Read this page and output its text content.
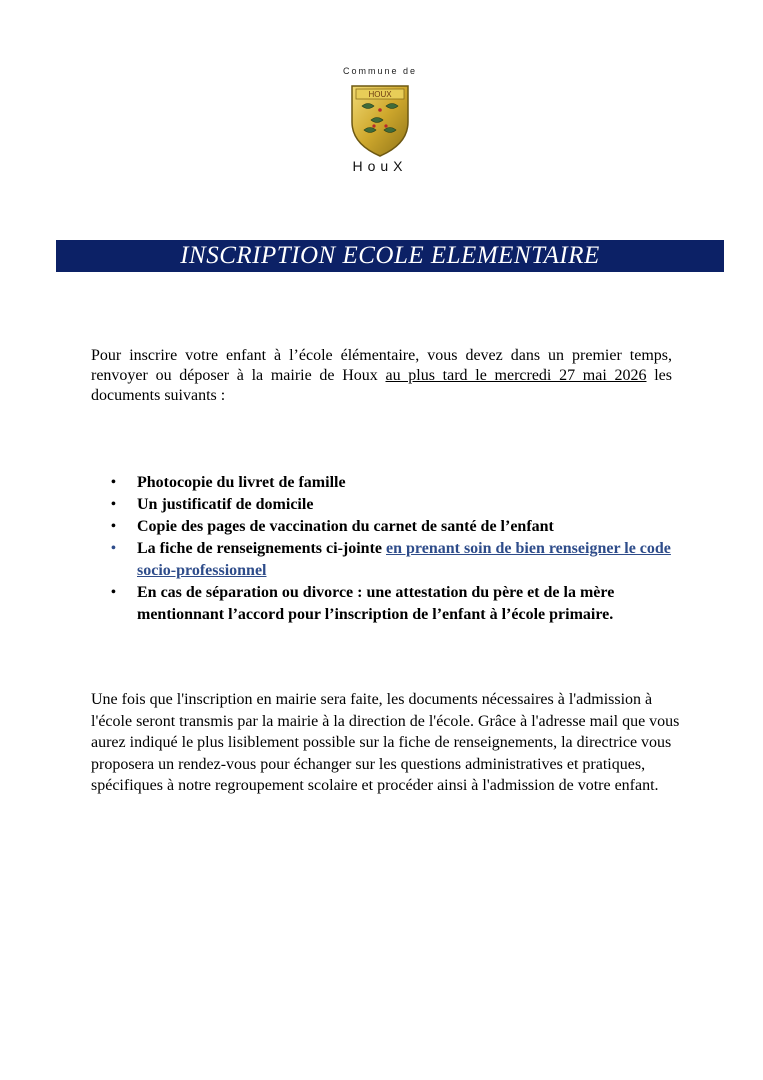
Commune de
HOUX
HouX
INSCRIPTION ECOLE ELEMENTAIRE

Pour inscrire votre enfant à l’école élémentaire, vous devez dans un premier temps, renvoyer ou déposer à la mairie de Houx au plus tard le mercredi 27 mai 2026 les documents suivants :

• Photocopie du livret de famille
• Un justificatif de domicile
• Copie des pages de vaccination du carnet de santé de l’enfant
• La fiche de renseignements ci-jointe en prenant soin de bien renseigner le code socio-professionnel
• En cas de séparation ou divorce : une attestation du père et de la mère mentionnant l’accord pour l’inscription de l’enfant à l’école primaire.

Une fois que l'inscription en mairie sera faite, les documents nécessaires à l'admission à l'école seront transmis par la mairie à la direction de l'école. Grâce à l'adresse mail que vous aurez indiqué le plus lisiblement possible sur la fiche de renseignements, la directrice vous proposera un rendez-vous pour échanger sur les questions administratives et pratiques, spécifiques à notre regroupement scolaire et procéder ainsi à l'admission de votre enfant.
